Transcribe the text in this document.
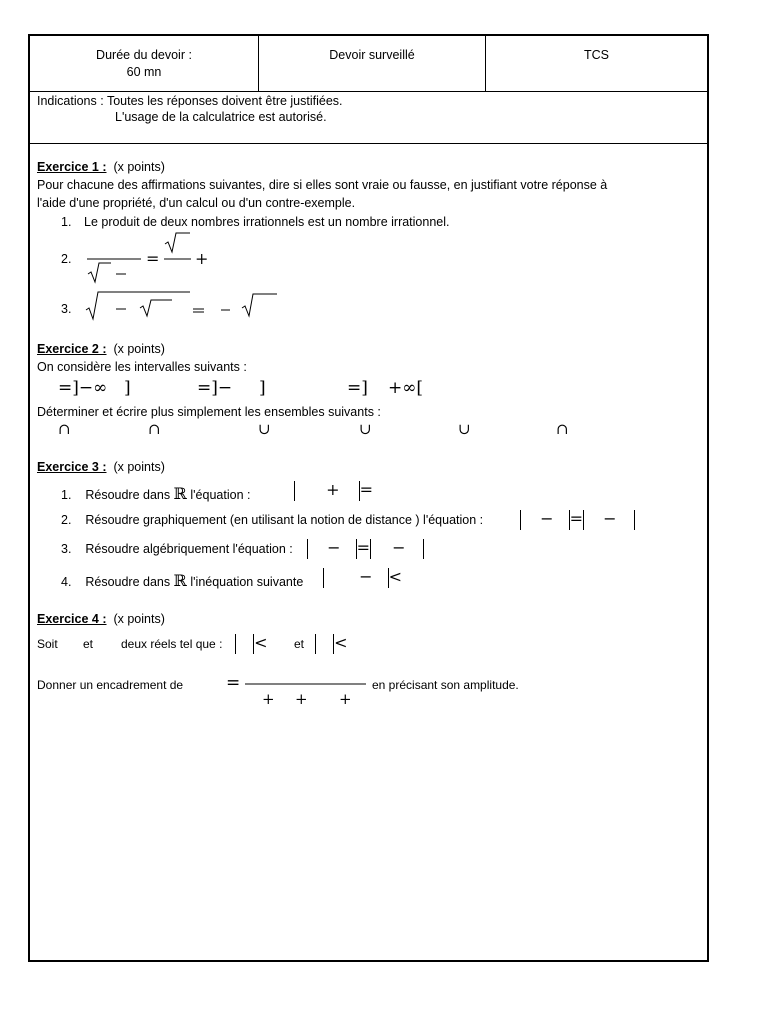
Durée du devoir :
60 mn
Devoir surveillé	TCS
Indications : Toutes les réponses doivent être justifiées.
L'usage de la calculatrice est autorisé.
Exercice 1 : (x points)
Pour chacune des affirmations suivantes, dire si elles sont vraie ou fausse, en justifiant votre réponse à
l'aide d'une propriété, d'un calcul ou d'un contre-exemple.
1. Le produit de deux nombres irrationnels est un nombre irrationnel.
2.	= +
3.
Exercice 2 : (x points)
On considère les intervalles suivants :
=]−∞ ]	=]− ]	=] +∞[
Déterminer et écrire plus simplement les ensembles suivants :
∩	∩	∪	∪	∪	∩
Exercice 3 : (x points)
1. Résoudre dans ℝ l'équation :	+ =
2. Résoudre graphiquement (en utilisant la notion de distance ) l'équation :	− = −
3. Résoudre algébriquement l'équation :	− = −
4. Résoudre dans ℝ l'inéquation suivante	− <
Exercice 4 : (x points)
Soit et deux réels tel que :	< et	<
Donner un encadrement de	=
+ + +
en précisant son amplitude.
